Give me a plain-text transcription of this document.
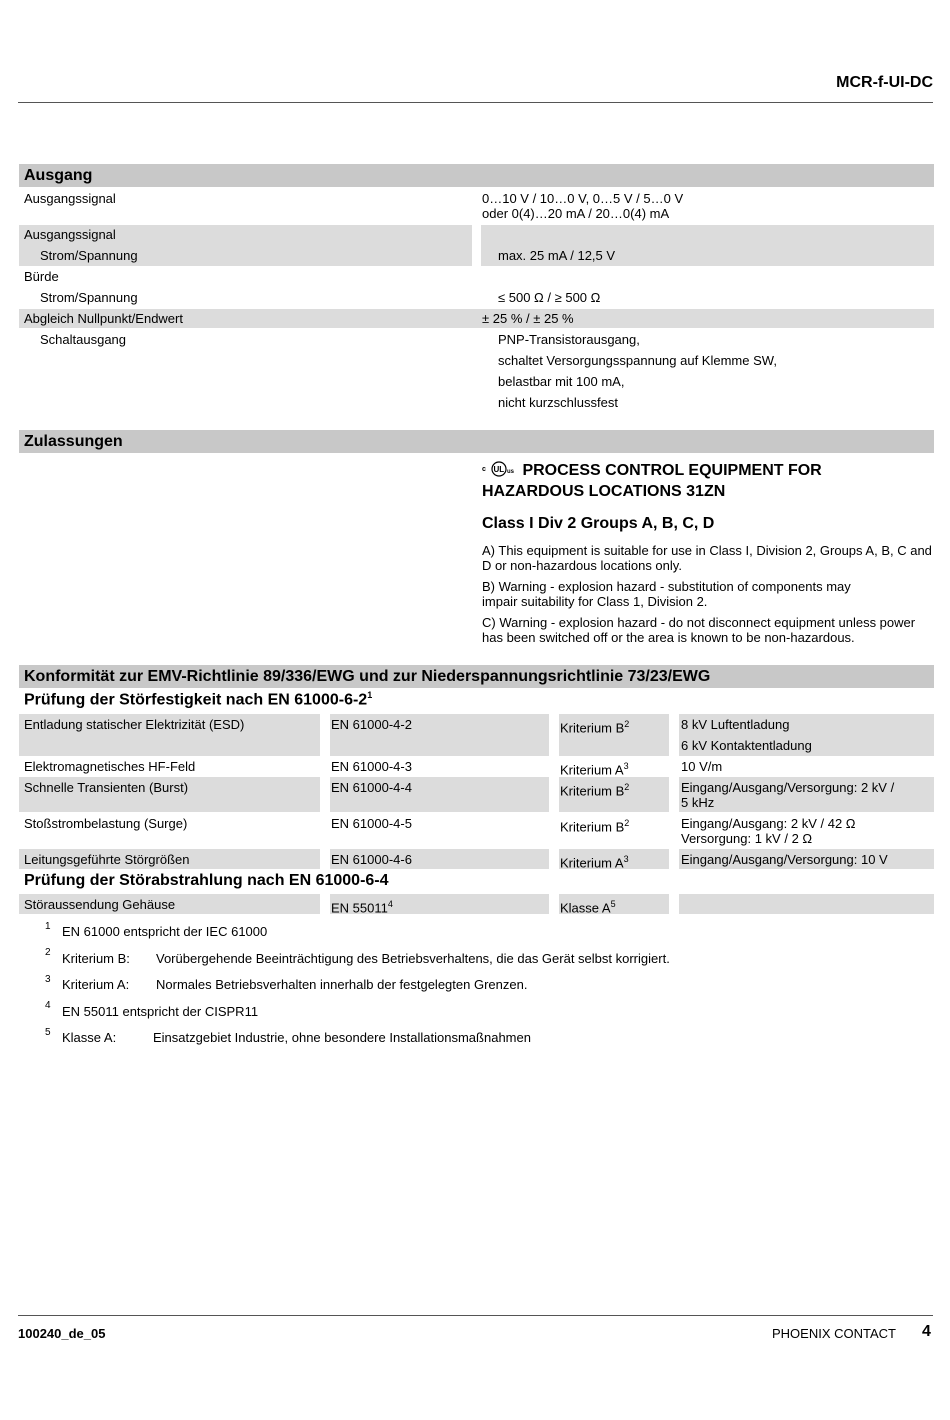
MCR-f-UI-DC
Ausgang
Ausgangssignal	0…10 V / 10…0 V, 0…5 V / 5…0 V
oder 0(4)…20 mA / 20…0(4) mA
Ausgangssignal
Strom/Spannung	max. 25 mA / 12,5 V
Bürde
Strom/Spannung	≤ 500 Ω / ≥ 500 Ω
Abgleich Nullpunkt/Endwert	± 25 % / ± 25 %
Schaltausgang	PNP-Transistorausgang,
schaltet Versorgungsspannung auf Klemme SW,
belastbar mit 100 mA,
nicht kurzschlussfest
Zulassungen
c UL us PROCESS CONTROL EQUIPMENT FOR
HAZARDOUS LOCATIONS 31ZN
Class I Div 2 Groups A, B, C, D
A) This equipment is suitable for use in Class I, Division 2, Groups A, B, C and
D or non-hazardous locations only.
B) Warning - explosion hazard - substitution of components may
impair suitability for Class 1, Division 2.
C) Warning - explosion hazard - do not disconnect equipment unless power
has been switched off or the area is known to be non-hazardous.
Konformität zur EMV-Richtlinie 89/336/EWG und zur Niederspannungsrichtlinie 73/23/EWG
Prüfung der Störfestigkeit nach EN $61000-6-2^1$
Entladung statischer Elektrizität (ESD)	EN 61000-4-2	Kriterium $B^2$	8 kV Luftentladung
6 kV Kontaktentladung
Elektromagnetisches HF-Feld	EN 61000-4-3	Kriterium $A^3$	10 V/m
Schnelle Transienten (Burst)	EN 61000-4-4	Kriterium $B^2$	Eingang/Ausgang/Versorgung: 2 kV /
5 kHz
Stoßstrombelastung (Surge)	EN 61000-4-5	Kriterium $B^2$	Eingang/Ausgang: 2 kV / 42 Ω
Versorgung: 1 kV / 2 Ω
Leitungsgeführte Störgrößen	EN 61000-4-6	Kriterium $A^3$	Eingang/Ausgang/Versorgung: 10 V
Prüfung der Störabstrahlung nach EN 61000-6-4
Störaussendung Gehäuse	EN 55011$^4$	Klasse $A^5$
1 EN 61000 entspricht der IEC 61000
2 Kriterium B: Vorübergehende Beeinträchtigung des Betriebsverhaltens, die das Gerät selbst korrigiert.
3 Kriterium A: Normales Betriebsverhalten innerhalb der festgelegten Grenzen.
4 EN 55011 entspricht der CISPR11
5 Klasse A:	Einsatzgebiet Industrie, ohne besondere Installationsmaßnahmen
100240_de_05	PHOENIX CONTACT 4
